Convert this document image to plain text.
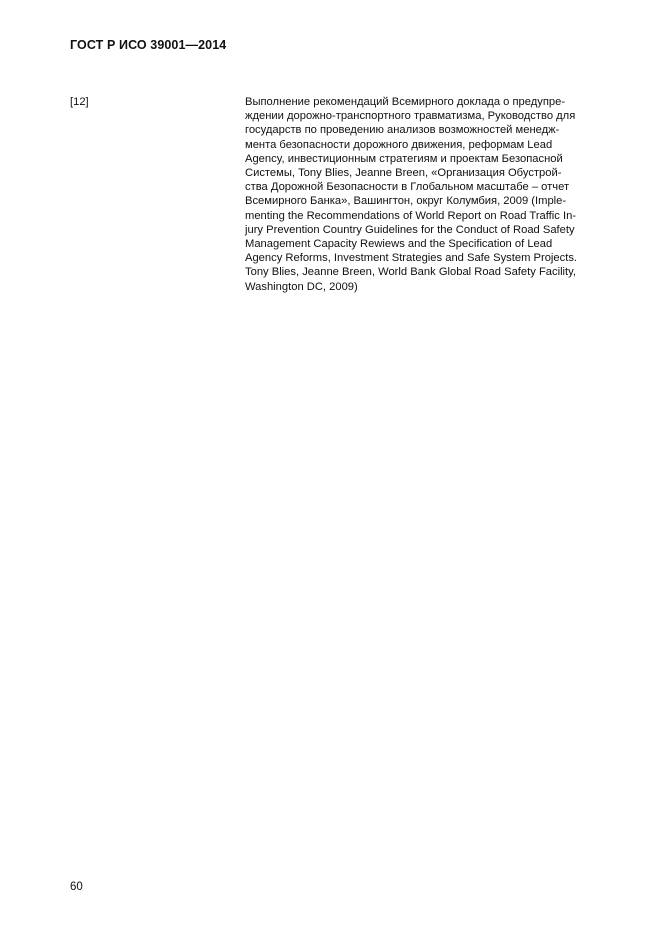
ГОСТ Р ИСО 39001—2014
[12]	Выполнение рекомендаций Всемирного доклада о предупре-
ждении дорожно-транспортного травматизма, Руководство для
государств по проведению анализов возможностей менедж-
мента безопасности дорожного движения, реформам Lead
Agency, инвестиционным стратегиям и проектам Безопасной
Системы, Tony Blies, Jeanne Breen, «Организация Обустрой-
ства Дорожной Безопасности в Глобальном масштабе – отчет
Всемирного Банка», Вашингтон, округ Колумбия, 2009 (Imple-
menting the Recommendations of World Report on Road Traffic In-
jury Prevention Country Guidelines for the Conduct of Road Safety
Management Capacity Rewiews and the Specification of Lead
Agency Reforms, Investment Strategies and Safe System Projects.
Tony Blies, Jeanne Breen, World Bank Global Road Safety Facility,
Washington DC, 2009)
60
